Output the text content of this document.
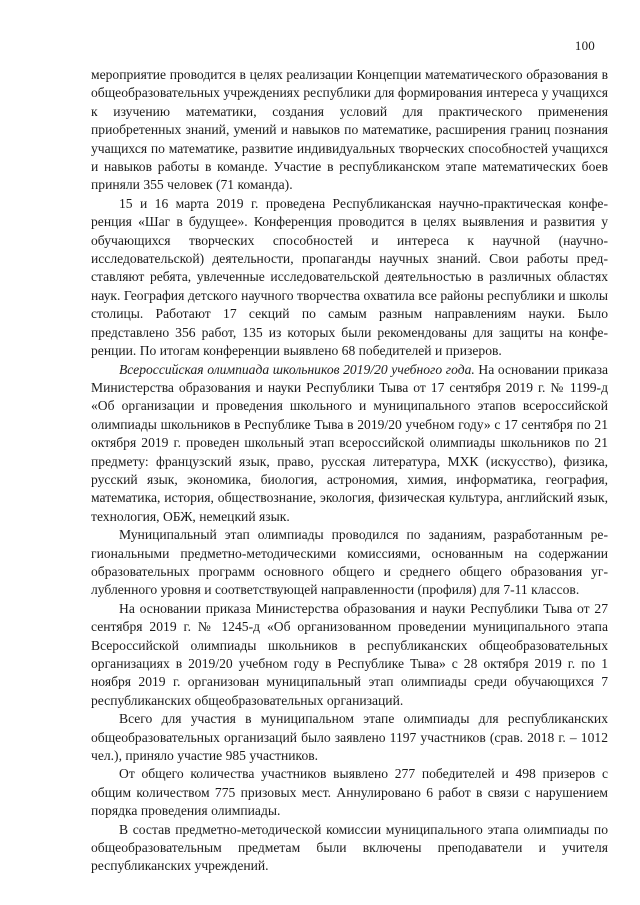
100

мероприятие проводится в целях реализации Концепции математического образования в общеобразовательных учреждениях республики для формирования интереса у учащихся к изучению математики, создания условий для практического применения приобретенных знаний, умений и навыков по математике, расширения границ познания учащихся по математике, развитие индивидуальных творческих способностей учащихся и навыков работы в команде. Участие в республиканском этапе математических боев приняли 355 человек (71 команда).

15 и 16 марта 2019 г. проведена Республиканская научно-практическая конференция «Шаг в будущее». Конференция проводится в целях выявления и развития у обучающихся творческих способностей и интереса к научной (научно-исследовательской) деятельности, пропаганды научных знаний. Свои работы представляют ребята, увлеченные исследовательской деятельностью в различных областях наук. География детского научного творчества охватила все районы республики и школы столицы. Работают 17 секций по самым разным направлениям науки. Было представлено 356 работ, 135 из которых были рекомендованы для защиты на конференции. По итогам конференции выявлено 68 победителей и призеров.

Всероссийская олимпиада школьников 2019/20 учебного года. На основании приказа Министерства образования и науки Республики Тыва от 17 сентября 2019 г. № 1199-д «Об организации и проведения школьного и муниципального этапов всероссийской олимпиады школьников в Республике Тыва в 2019/20 учебном году» с 17 сентября по 21 октября 2019 г. проведен школьный этап всероссийской олимпиады школьников по 21 предмету: французский язык, право, русская литература, МХК (искусство), физика, русский язык, экономика, биология, астрономия, химия, информатика, география, математика, история, обществознание, экология, физическая культура, английский язык, технология, ОБЖ, немецкий язык.

Муниципальный этап олимпиады проводился по заданиям, разработанным региональными предметно-методическими комиссиями, основанным на содержании образовательных программ основного общего и среднего общего образования углубленного уровня и соответствующей направленности (профиля) для 7-11 классов.

На основании приказа Министерства образования и науки Республики Тыва от 27 сентября 2019 г. № 1245-д «Об организованном проведении муниципального этапа Всероссийской олимпиады школьников в республиканских общеобразовательных организациях в 2019/20 учебном году в Республике Тыва» с 28 октября 2019 г. по 1 ноября 2019 г. организован муниципальный этап олимпиады среди обучающихся 7 республиканских общеобразовательных организаций.

Всего для участия в муниципальном этапе олимпиады для республиканских общеобразовательных организаций было заявлено 1197 участников (срав. 2018 г. – 1012 чел.), приняло участие 985 участников.

От общего количества участников выявлено 277 победителей и 498 призеров с общим количеством 775 призовых мест. Аннулировано 6 работ в связи с нарушением порядка проведения олимпиады.

В состав предметно-методической комиссии муниципального этапа олимпиады по общеобразовательным предметам были включены преподаватели и учителя республиканских учреждений.
